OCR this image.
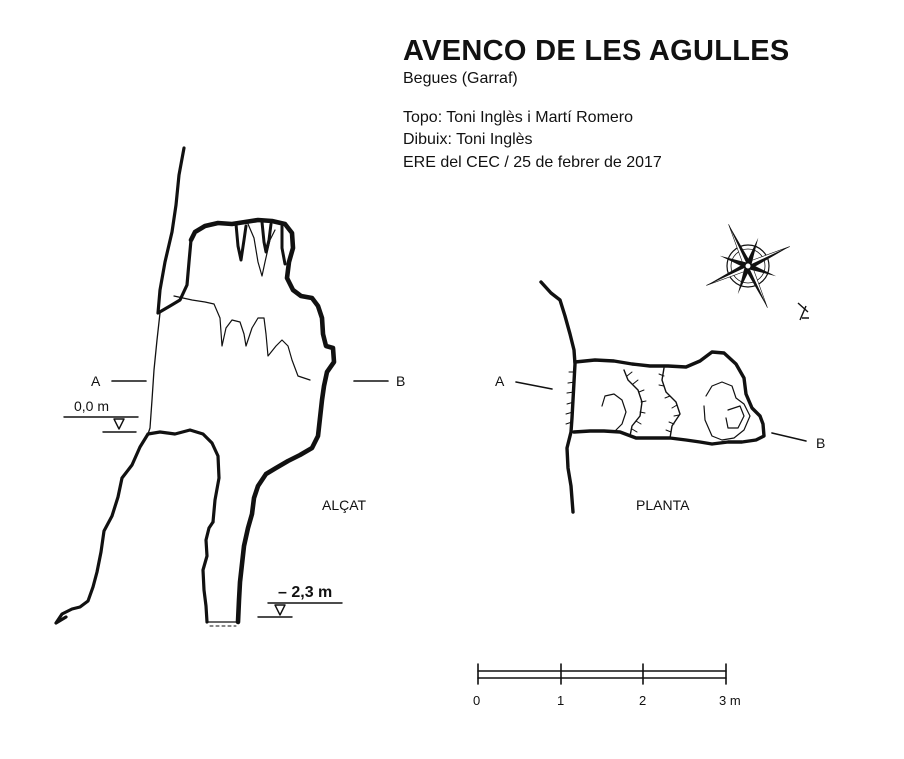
AVENCO DE LES AGULLES

Begues (Garraf)

Topo: Toni Inglès i Martí Romero
Dibuix: Toni Inglès
ERE del CEC / 25 de febrer de 2017
A	B
0,0 m
– 2,3 m
ALÇAT
A
B
PLANTA
0	1	2	3 m
